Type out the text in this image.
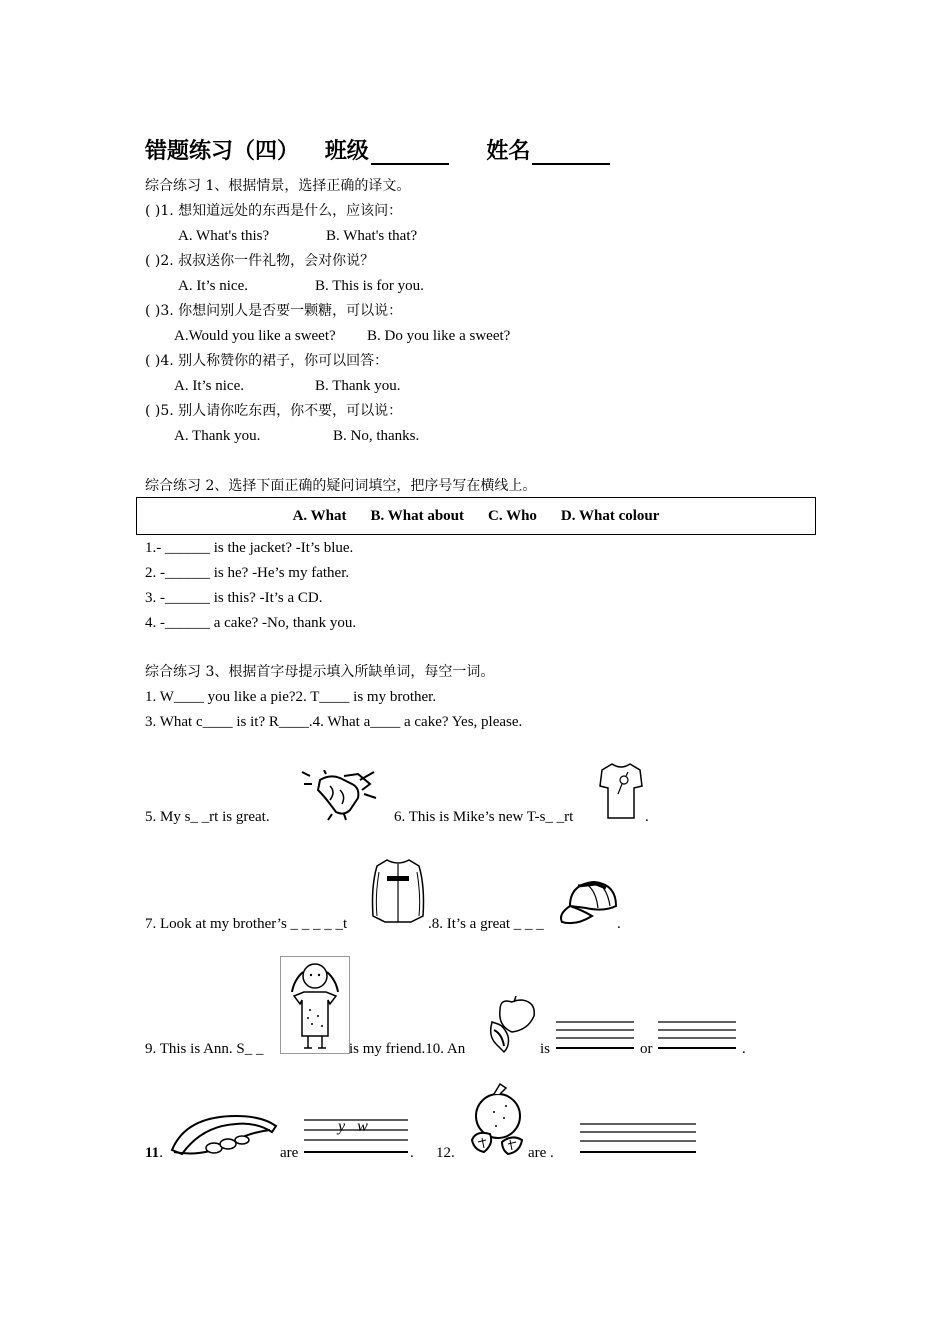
错题练习（四） 班级	姓名
综合练习 1、根据情景，选择正确的译文。
( )1. 想知道远处的东西是什么，应该问：
A. What's this?	B. What's that?
( )2. 叔叔送你一件礼物，会对你说？
A. It’s nice.	B. This is for you.
( )3. 你想问别人是否要一颗糖，可以说：
A.Would you like a sweet? B. Do you like a sweet?
( )4. 别人称赞你的裙子，你可以回答：
A. It’s nice.	B. Thank you.
( )5. 别人请你吃东西，你不要，可以说：
A. Thank you.	B. No, thanks.
综合练习 2、选择下面正确的疑问词填空，把序号写在横线上。
A. What B. What about C. Who D. What colour
1.- ______ is the jacket? -It’s blue.
2. -______ is he? -He’s my father.
3. -______ is this? -It’s a CD.
4. -______ a cake? -No, thank you.
综合练习 3、根据首字母提示填入所缺单词，每空一词。
1. W____ you like a pie?2. T____ is my brother.
3. What c____ is it? R____.4. What a____ a cake? Yes, please.
5. My s_ _rt is great.	6. This is Mike’s new T-s_ _rt	.
7. Look at my brother’s _ _ _ _ _t	.8. It’s a great _ _ _	.
9. This is Ann. S_ _	is my friend.10. An	is	or	.
11.	are
y   w
. 12.	are .
